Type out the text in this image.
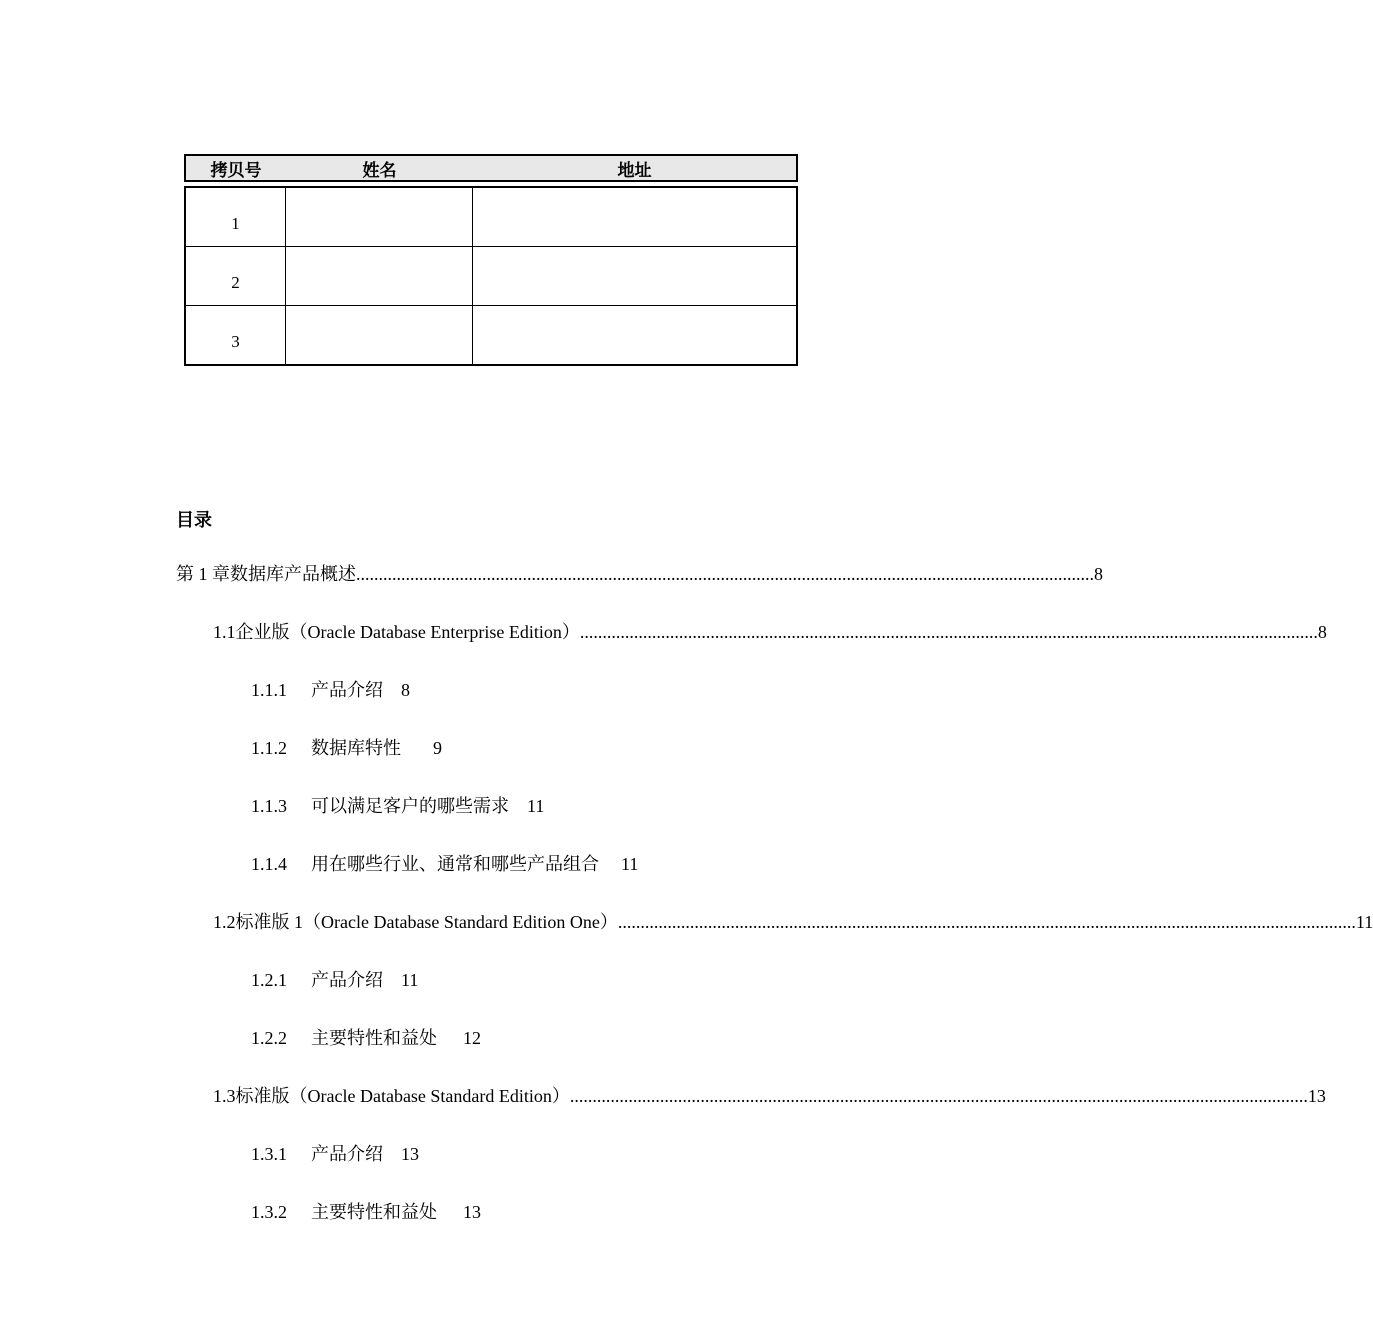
拷贝号	姓名	地址
1
2
3
目录
第 1 章 数据库产品概述 .................................................................................................................................................................... 8
1.1 企业版（Oracle Database Enterprise Edition） .................................................................................................................................................................... 8
1.1.1	产品介绍 8
1.1.2	数据库特性 9
1.1.3	可以满足客户的哪些需求 11
1.1.4	用在哪些行业、通常和哪些产品组合 11
1.2 标准版 1（Oracle Database Standard Edition One） .................................................................................................................................................................... 11
1.2.1	产品介绍 11
1.2.2	主要特性和益处 12
1.3 标准版（Oracle Database Standard Edition） .................................................................................................................................................................... 13
1.3.1	产品介绍 13
1.3.2	主要特性和益处 13
